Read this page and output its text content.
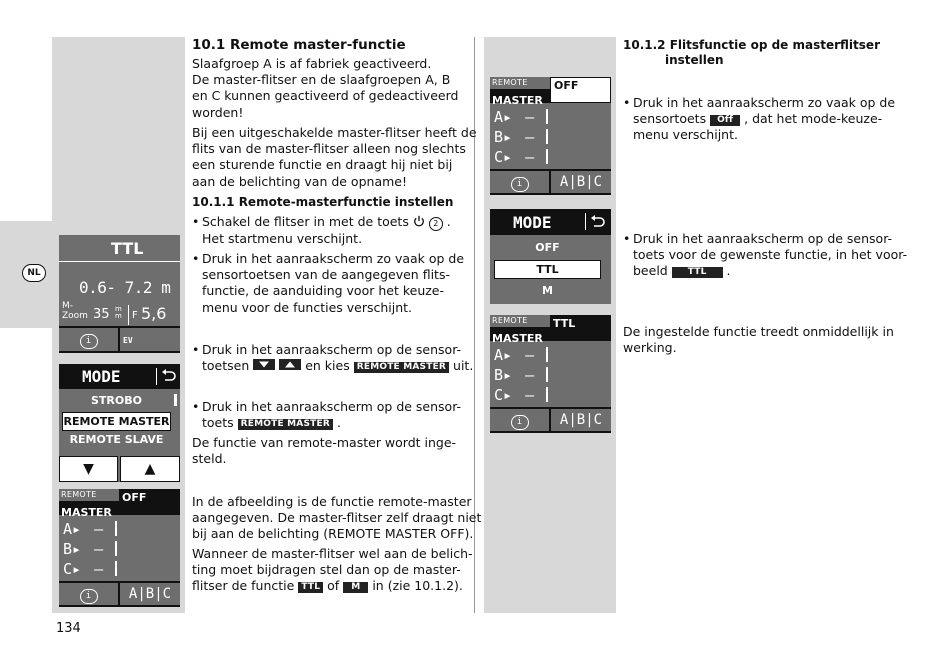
NL
134
10.1 Remote master-functie
Slaafgroep A is af fabriek geactiveerd.
De master-flitser en de slaafgroepen A, B
en C kunnen geactiveerd of gedeactiveerd
worden!
Bij een uitgeschakelde master-flitser heeft de
flits van de master-flitser alleen nog slechts
een sturende functie en draagt hij niet bij
aan de belichting van de opname!
10.1.1 Remote-masterfunctie instellen
• Schakel de flitser in met de toets	2 .
Het startmenu verschijnt.
• Druk in het aanraakscherm zo vaak op de
sensortoetsen van de aangegeven flits-
functie, de aanduiding voor het keuze-
menu voor de functies verschijnt.
• Druk in het aanraakscherm op de sensor-
toetsen
	en kies REMOTE MASTER uit.
• Druk in het aanraakscherm op de sensor-
toets REMOTE MASTER .
De functie van remote-master wordt inge-
steld.
In de afbeelding is de functie remote-master
aangegeven. De master-flitser zelf draagt niet
bij aan de belichting (REMOTE MASTER OFF).
Wanneer de master-flitser wel aan de belich-
ting moet bijdragen stel dan op de master-
flitser de functie TTL of M in (zie 10.1.2).
10.1.2 Flitsfunctie op de masterflitser
instellen
• Druk in het aanraakscherm zo vaak op de
sensortoets Off , dat het mode-keuze-
menu verschijnt.
• Druk in het aanraakscherm op de sensor-
toets voor de gewenste functie, in het voor-
beeld TTL .
De ingestelde functie treedt onmiddellijk in
werking.
TTL
0.6- 7.2 m
M-
Zoom 35 m m F 5,6
i	EV
MODE
STROBO
REMOTE MASTER
REMOTE SLAVE
▼	▲
REMOTE
MASTER
OFF
A▸ —
B▸ —
C▸ —
i	A|B|C
REMOTE
MASTER
OFF
A▸ —
B▸ —
C▸ —
i	A|B|C
MODE
OFF
TTL
M
REMOTE
MASTER
TTL
A▸ —
B▸ —
C▸ —
i	A|B|C
